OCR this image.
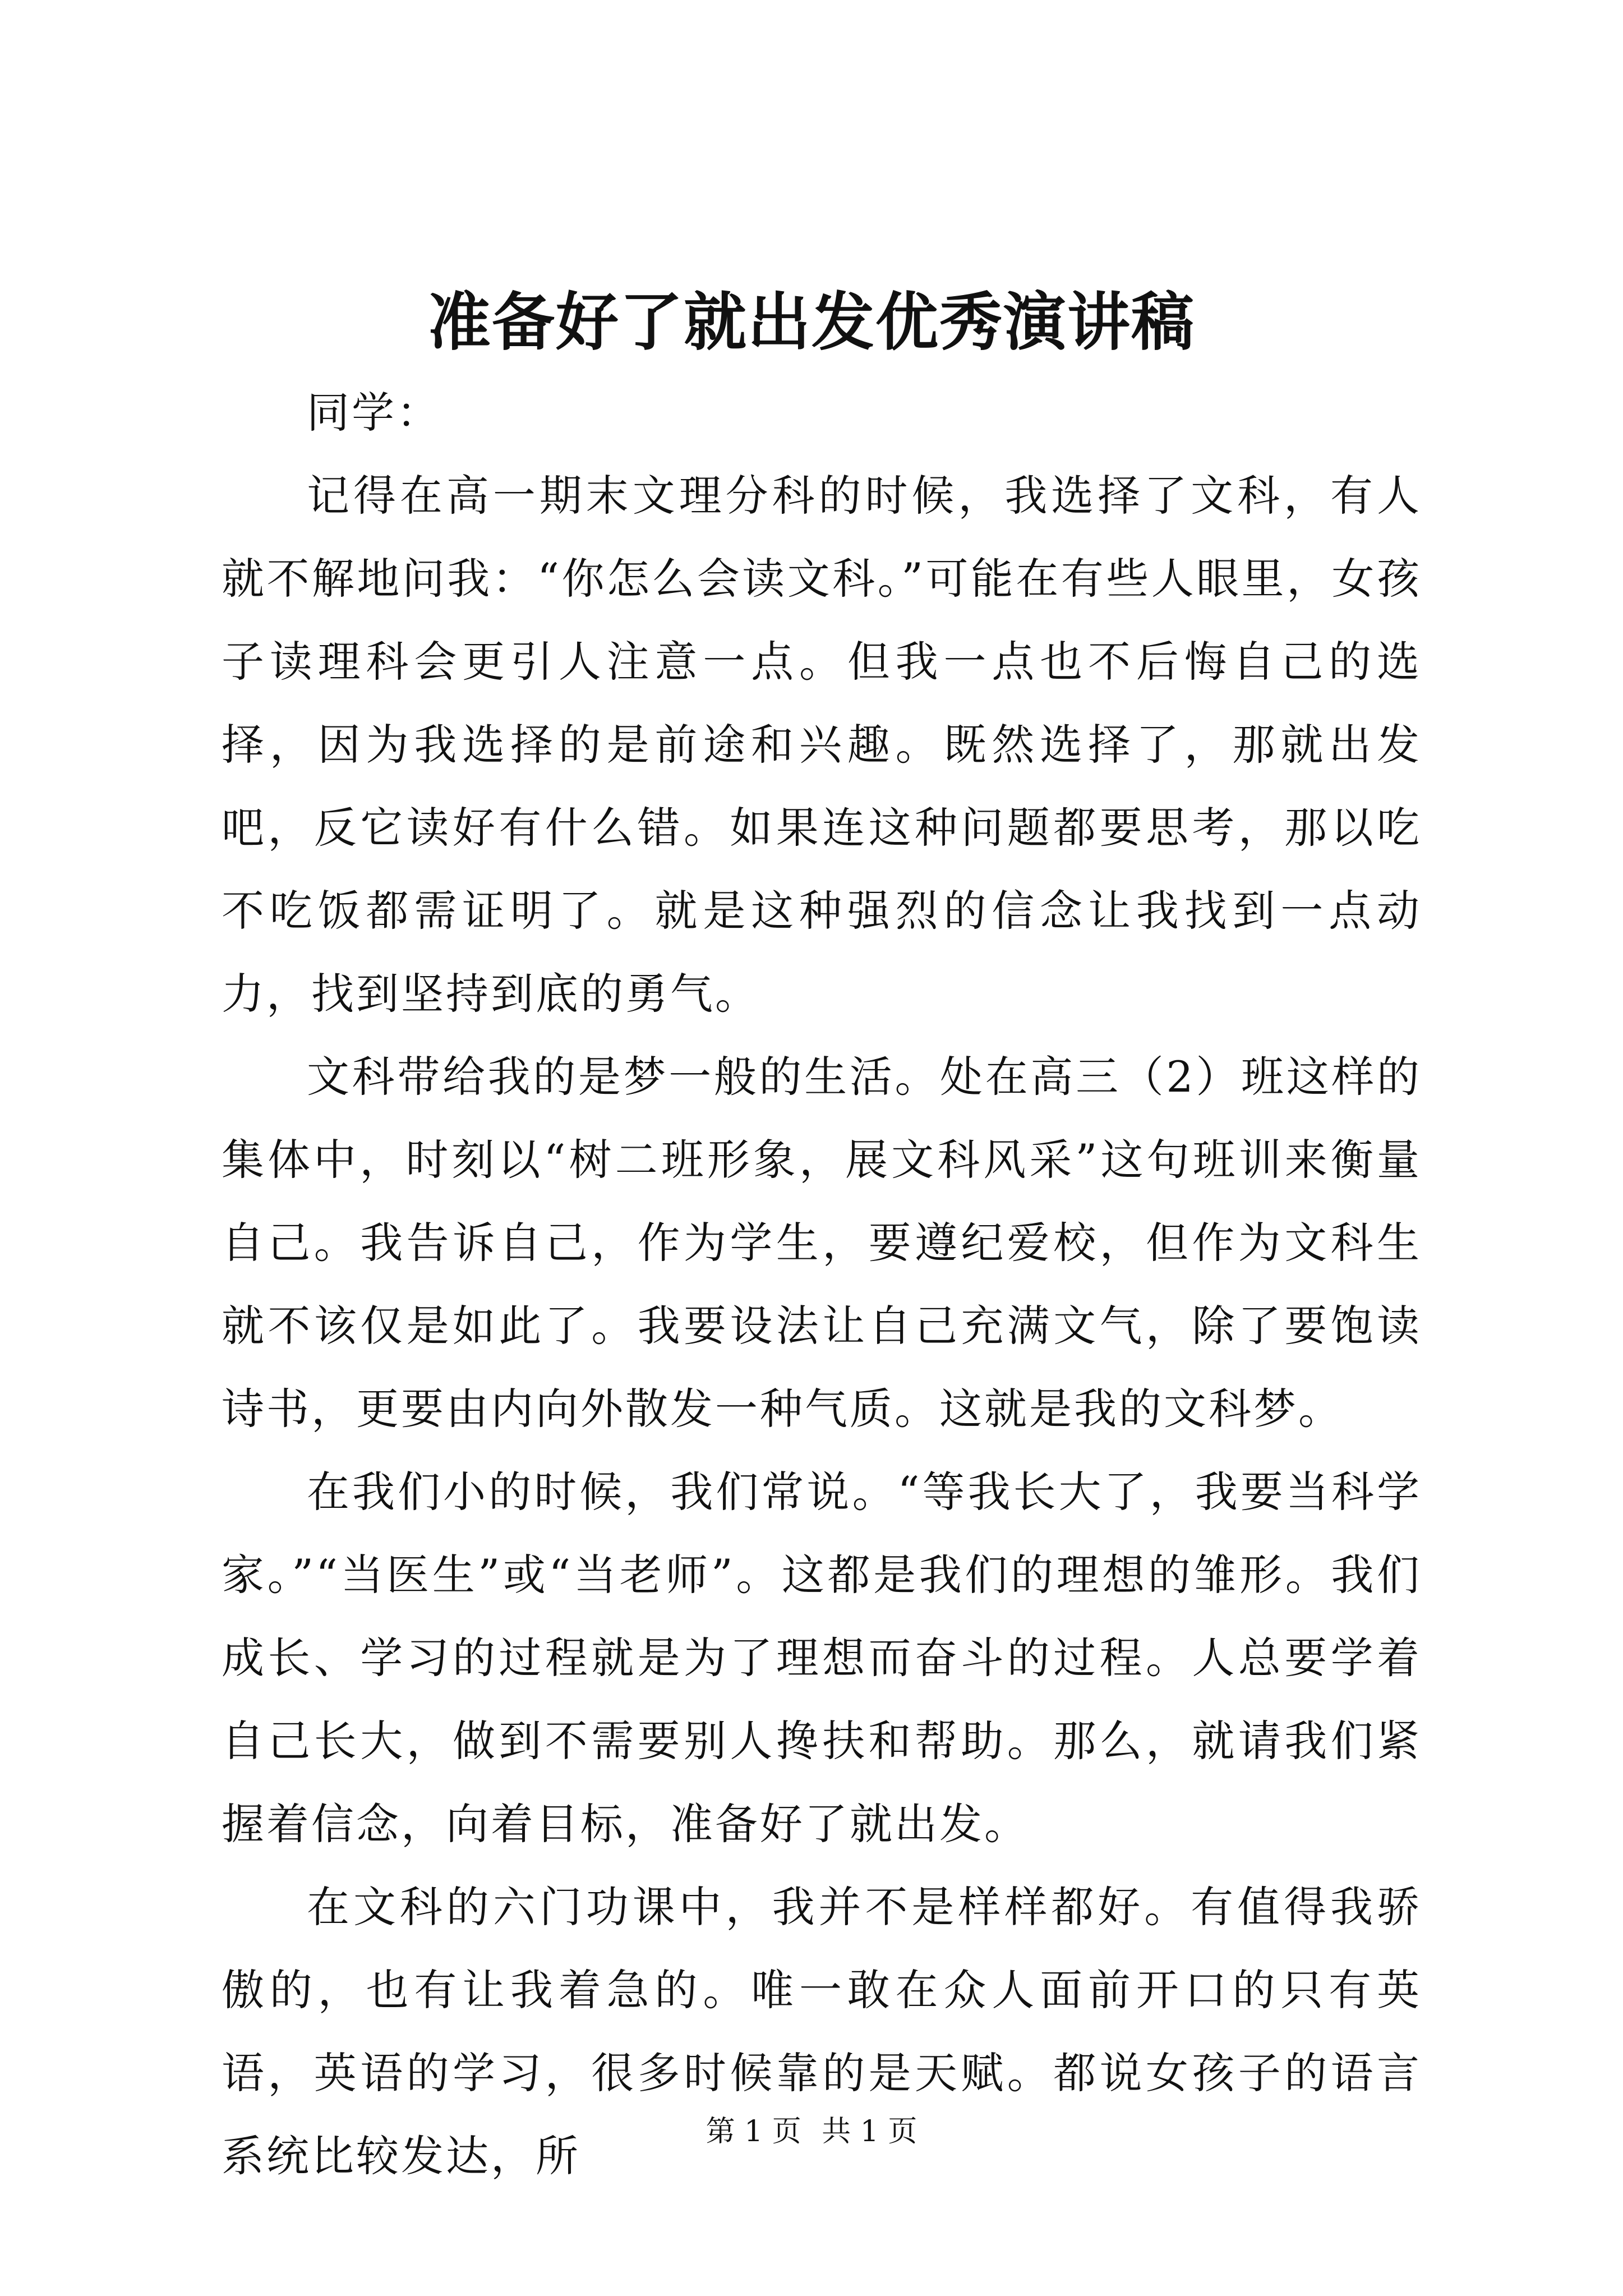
准备好了就出发优秀演讲稿

同学：

记得在高一期末文理分科的时候，我选择了文科，有人就不解地问我：“你怎么会读文科。”可能在有些人眼里，女孩子读理科会更引人注意一点。但我一点也不后悔自己的选择，因为我选择的是前途和兴趣。既然选择了，那就出发吧，反它读好有什么错。如果连这种问题都要思考，那以吃不吃饭都需证明了。就是这种强烈的信念让我找到一点动力，找到坚持到底的勇气。

文科带给我的是梦一般的生活。处在高三（2）班这样的集体中，时刻以“树二班形象，展文科风采”这句班训来衡量自己。我告诉自己，作为学生，要遵纪爱校，但作为文科生就不该仅是如此了。我要设法让自己充满文气，除了要饱读诗书，更要由内向外散发一种气质。这就是我的文科梦。

在我们小的时候，我们常说。“等我长大了，我要当科学家。”“当医生”或“当老师”。这都是我们的理想的雏形。我们成长、学习的过程就是为了理想而奋斗的过程。人总要学着自己长大，做到不需要别人搀扶和帮助。那么，就请我们紧握着信念，向着目标，准备好了就出发。

在文科的六门功课中，我并不是样样都好。有值得我骄傲的，也有让我着急的。唯一敢在众人面前开口的只有英语，英语的学习，很多时候靠的是天赋。都说女孩子的语言系统比较发达，所	第 1 页 共 1 页
